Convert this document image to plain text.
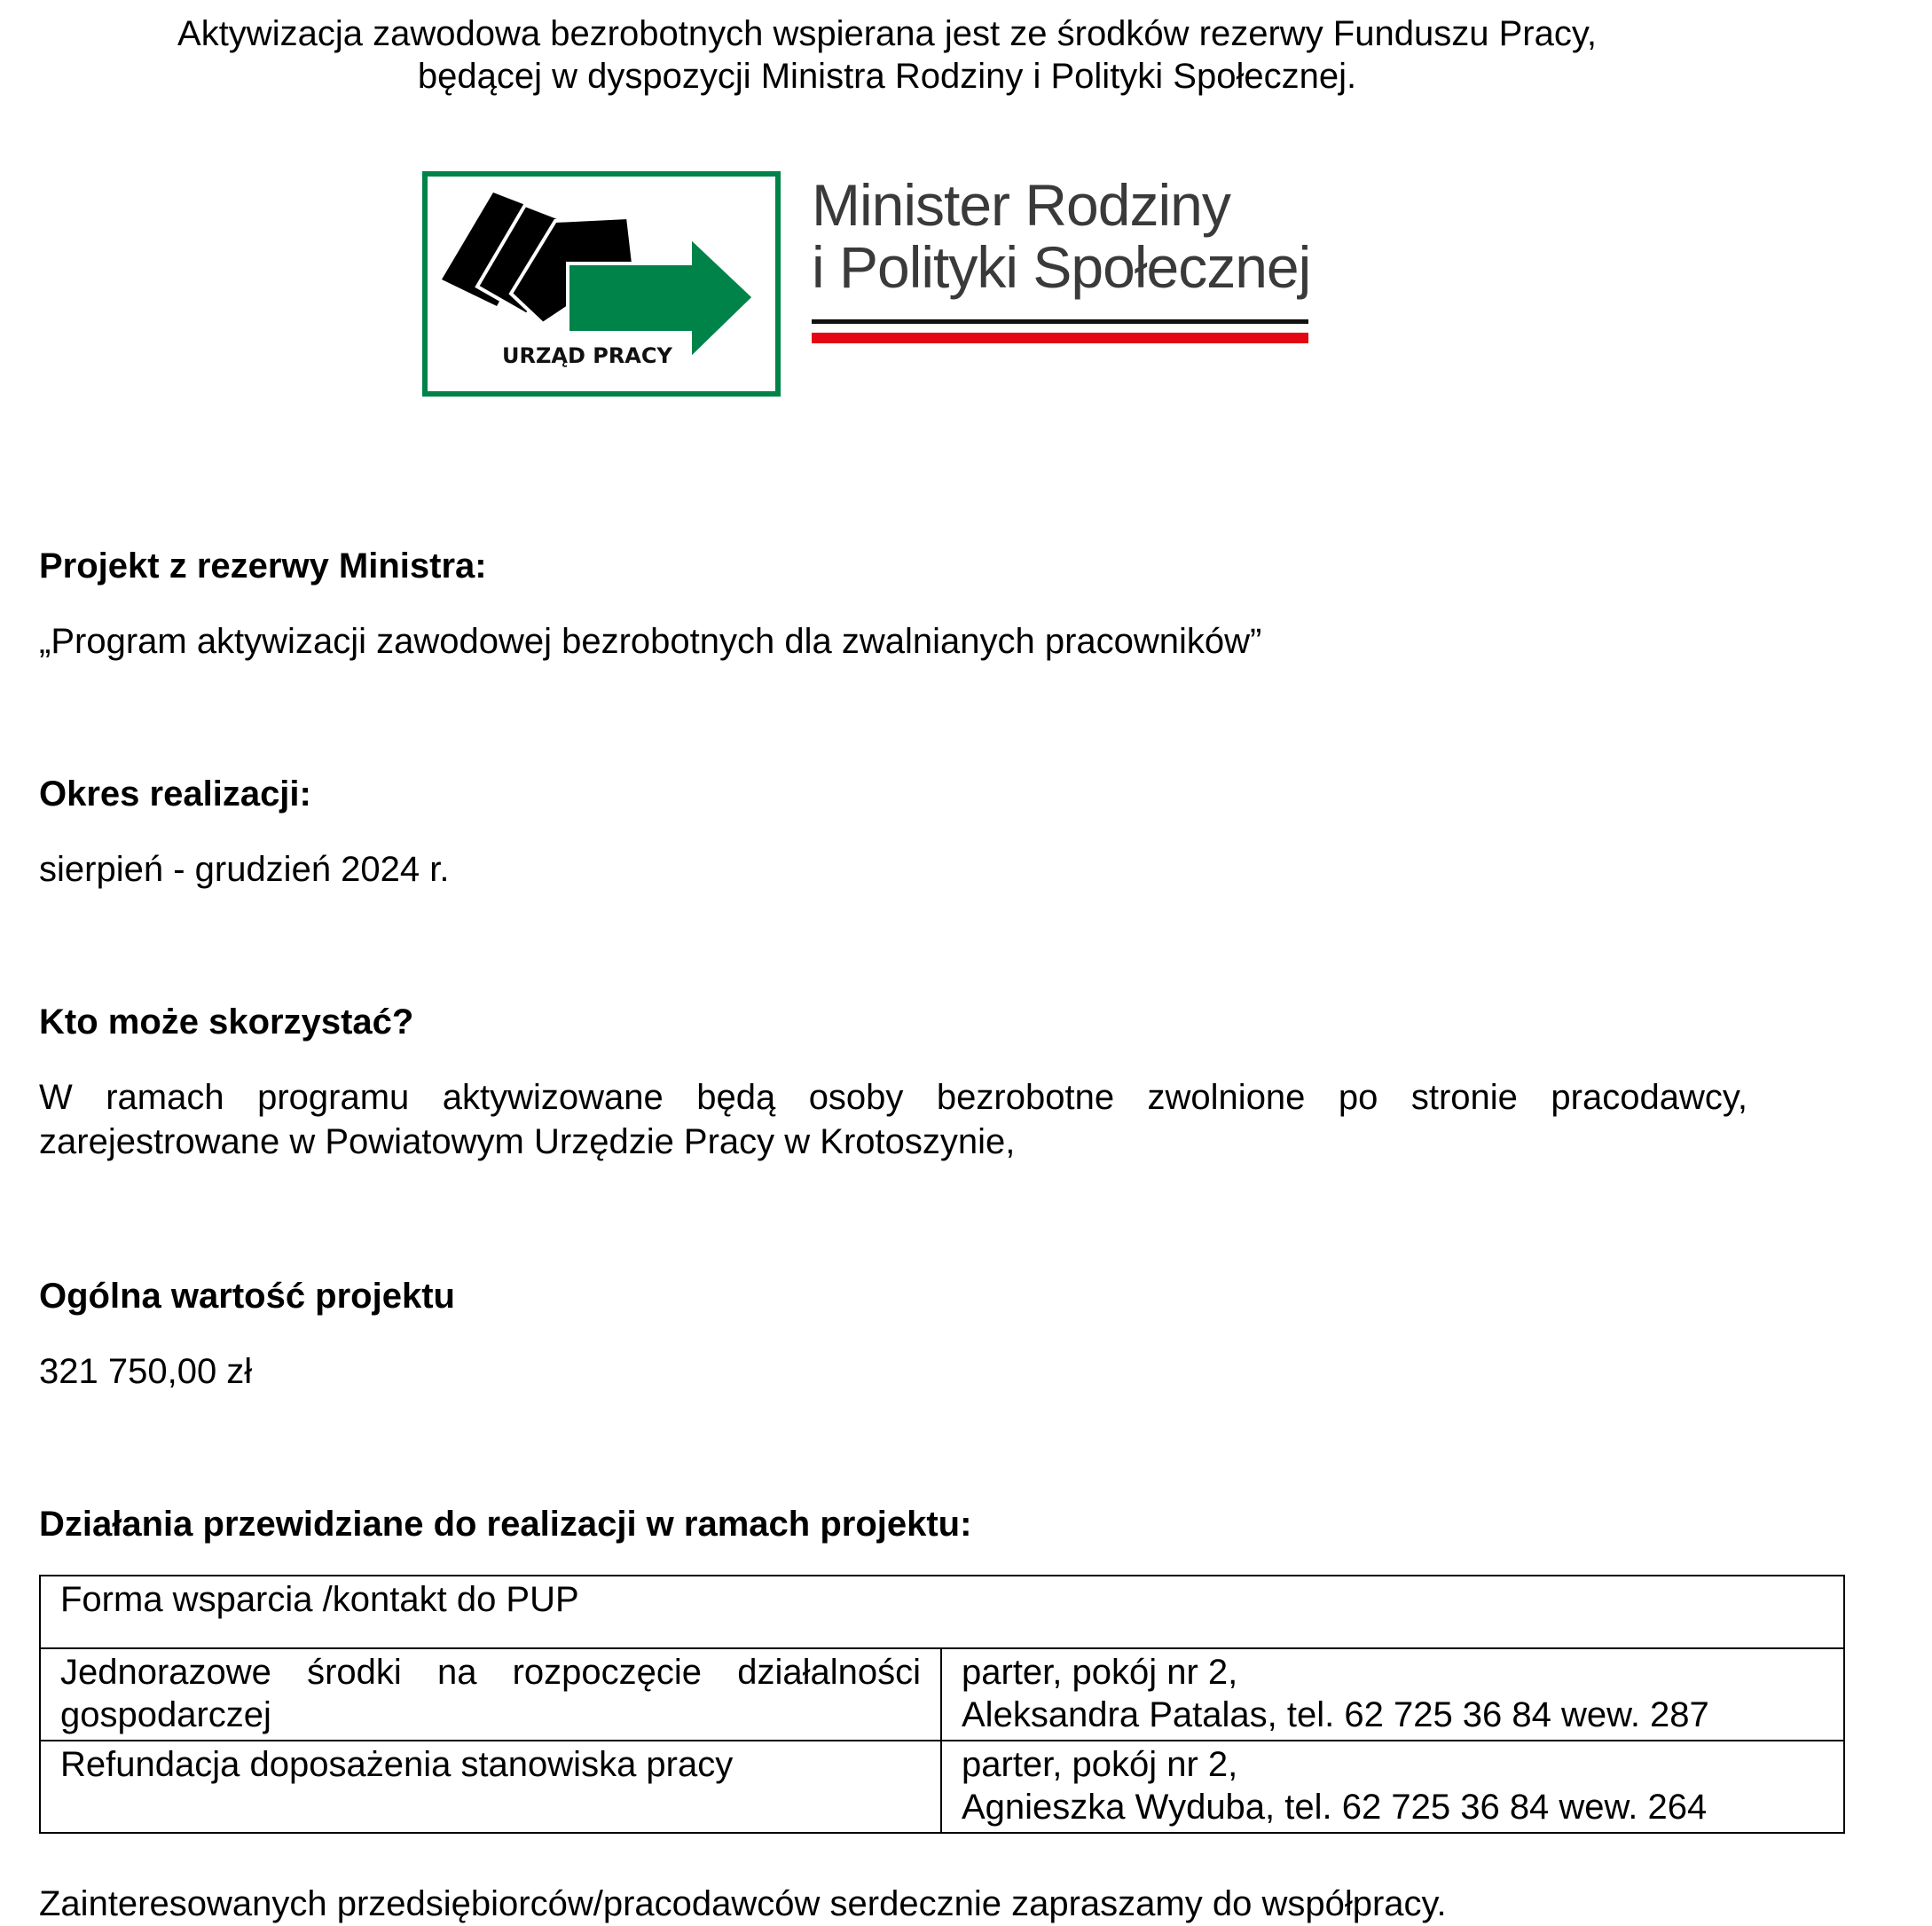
Aktywizacja zawodowa bezrobotnych wspierana jest ze środków rezerwy Funduszu Pracy,
będącej w dyspozycji Ministra Rodziny i Polityki Społecznej.
URZĄD PRACY
Minister Rodziny
i Polityki Społecznej
Projekt z rezerwy Ministra:
„Program aktywizacji zawodowej bezrobotnych dla zwalnianych pracowników”
Okres realizacji:
sierpień - grudzień 2024 r.
Kto może skorzystać?
W ramach programu aktywizowane będą osoby bezrobotne zwolnione po stronie pracodawcy, zarejestrowane w Powiatowym Urzędzie Pracy w Krotoszynie,
Ogólna wartość projektu
321 750,00 zł
Działania przewidziane do realizacji w ramach projektu:
Forma wsparcia /kontakt do PUP	
Jednorazowe środki na rozpoczęcie działalności gospodarczej	parter, pokój nr 2,
Aleksandra Patalas, tel. 62 725 36 84 wew. 287

Refundacja doposażenia stanowiska pracy	parter, pokój nr 2,
Agnieszka Wyduba, tel. 62 725 36 84 wew. 264
Zainteresowanych przedsiębiorców/pracodawców serdecznie zapraszamy do współpracy.
